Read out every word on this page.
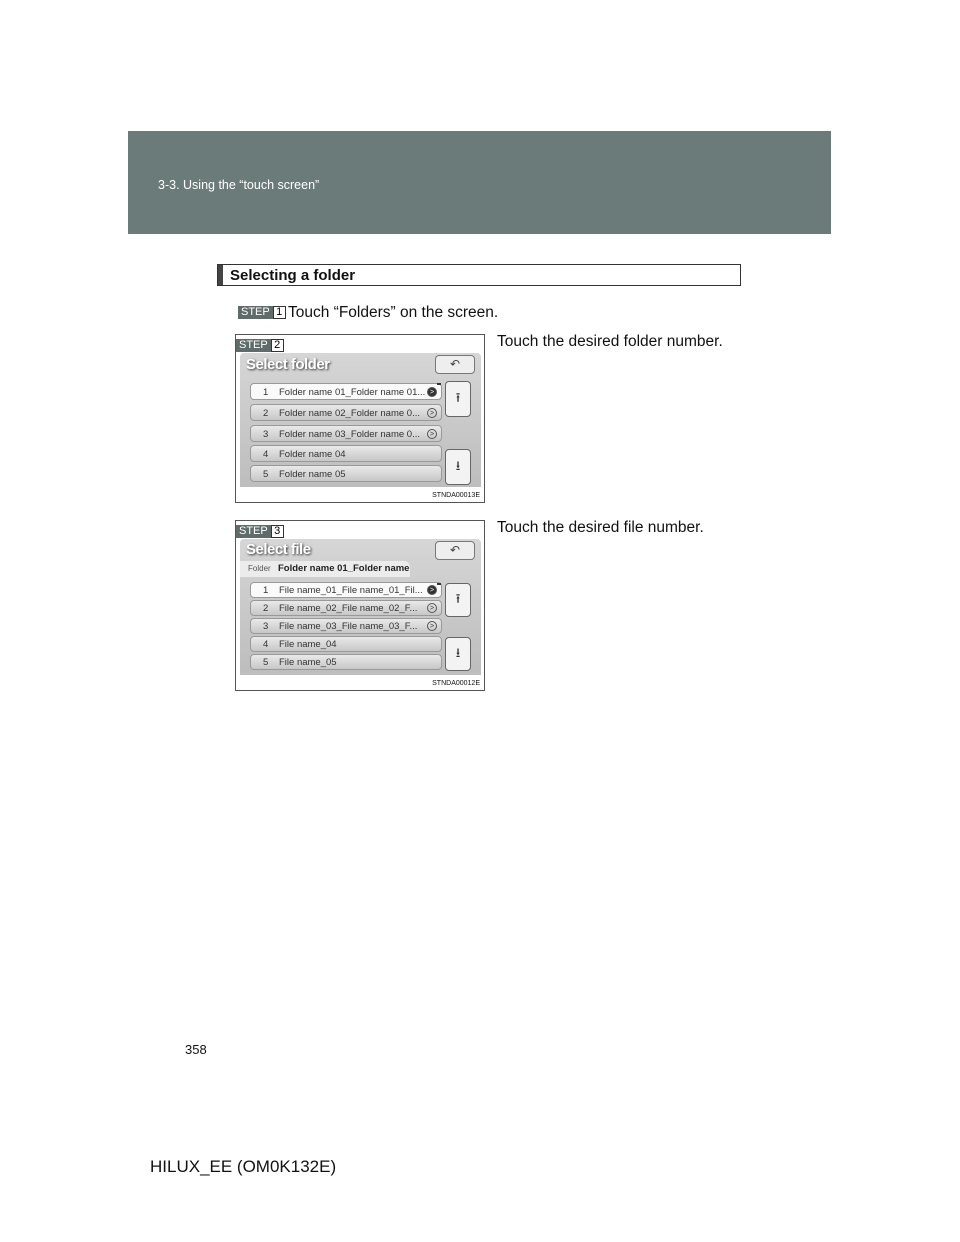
3-3. Using the “touch screen”
Selecting a folder
STEP 1 Touch “Folders” on the screen.
STEP 2
Select folder	↶
1 Folder name 01_Folder name 01... >
2 Folder name 02_Folder name 0...	>
3 Folder name 03_Folder name 0...	>
4 Folder name 04
5 Folder name 05
⭱
⭳
STNDA00013E
Touch the desired folder number.
STEP 3
Select file	↶
Folder Folder name 01_Folder name
1 File name_01_File name_01_Fil...	>
2 File name_02_File name_02_F...	>
3 File name_03_File name_03_F...	>
4 File name_04
5 File name_05
⭱
⭳
STNDA00012E
Touch the desired file number.
358
HILUX_EE (OM0K132E)
